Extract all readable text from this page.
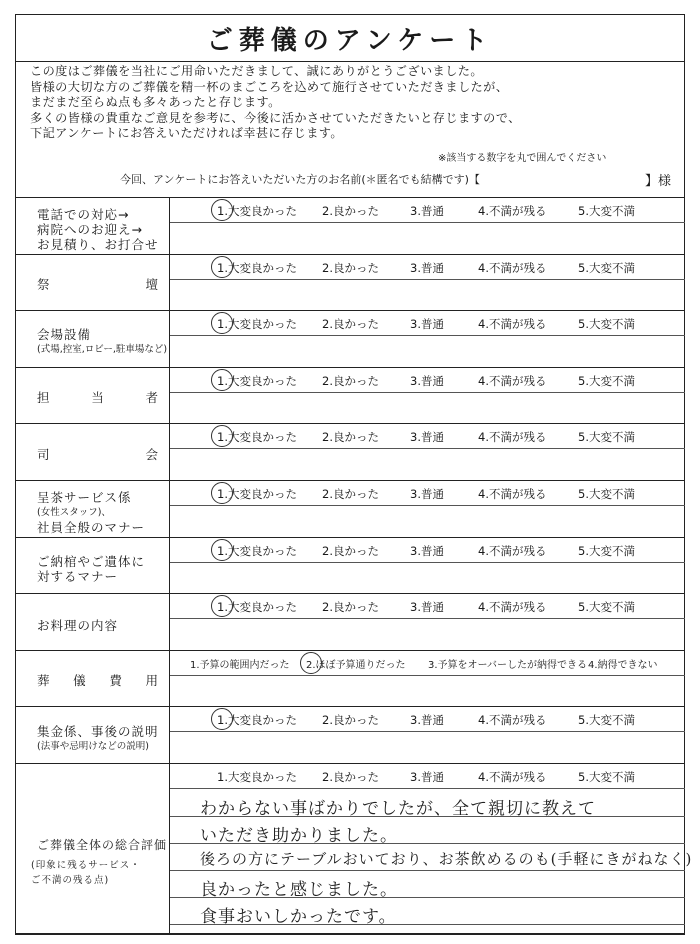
ご葬儀のアンケート
この度はご葬儀を当社にご用命いただきまして、誠にありがとうございました。
皆様の大切な方のご葬儀を精一杯のまごころを込めて施行させていただきましたが、
まだまだ至らぬ点も多々あったと存じます。
多くの皆様の貴重なご意見を参考に、今後に活かさせていただきたいと存じますので、
下記アンケートにお答えいただければ幸甚に存じます。
※該当する数字を丸で囲んでください
今回、アンケートにお答えいただいた方のお名前(＊匿名でも結構です)【	】様
電話での対応→
病院へのお迎え→
お見積り、お打合せ
1.大変良かった 2.良かった	3.普通	4.不満が残る	5.大変不満
祭	壇
1.大変良かった 2.良かった	3.普通	4.不満が残る	5.大変不満
会場設備
(式場,控室,ロビー,駐車場など)
1.大変良かった 2.良かった	3.普通	4.不満が残る	5.大変不満
担	当	者
1.大変良かった 2.良かった	3.普通	4.不満が残る	5.大変不満
司	会
1.大変良かった 2.良かった	3.普通	4.不満が残る	5.大変不満
呈茶サービス係
(女性スタッフ)、
社員全般のマナー
1.大変良かった 2.良かった	3.普通	4.不満が残る	5.大変不満
ご納棺やご遺体に
対するマナー
1.大変良かった 2.良かった	3.普通	4.不満が残る	5.大変不満
お料理の内容
1.大変良かった 2.良かった	3.普通	4.不満が残る	5.大変不満
葬 儀 費 用
1.予算の範囲内だった 2.ほぼ予算通りだった 3.予算をオーバーしたが納得できる 4.納得できない
集金係、事後の説明
(法事や忌明けなどの説明)
1.大変良かった 2.良かった	3.普通	4.不満が残る	5.大変不満
ご葬儀全体の総合評価
(印象に残るサービス・
ご不満の残る点)
1.大変良かった 2.良かった	3.普通	4.不満が残る	5.大変不満
わからない事ばかりでしたが、全て親切に教えて
いただき助かりました。
後ろの方にテーブルおいており、お茶飲めるのも(手軽にきがねなく)
良かったと感じました。
食事おいしかったです。
